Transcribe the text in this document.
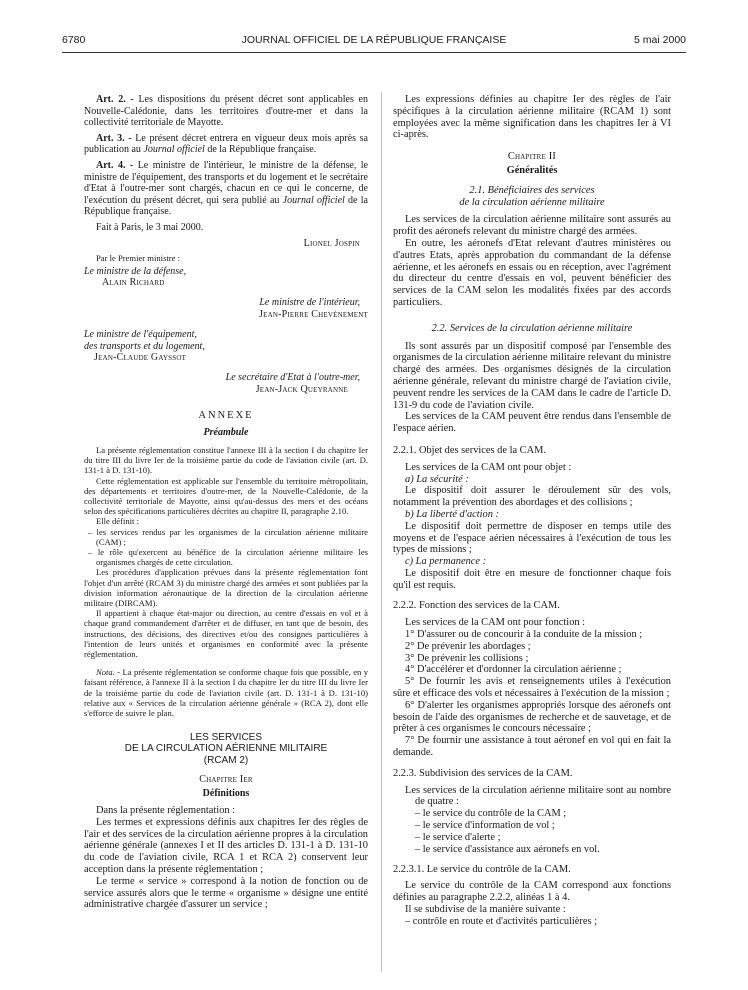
6780	JOURNAL OFFICIEL DE LA RÉPUBLIQUE FRANÇAISE	5 mai 2000

Art. 2. - Les dispositions du présent décret sont applicables en Nouvelle-Calédonie, dans les territoires d'outre-mer et dans la collectivité territoriale de Mayotte.

Art. 3. - Le présent décret entrera en vigueur deux mois après sa publication au Journal officiel de la République française.

Art. 4. - Le ministre de l'intérieur, le ministre de la défense, le ministre de l'équipement, des transports et du logement et le secrétaire d'Etat à l'outre-mer sont chargés, chacun en ce qui le concerne, de l'exécution du présent décret, qui sera publié au Journal officiel de la République française.

Fait à Paris, le 3 mai 2000.

Lionel Jospin

Par le Premier ministre :

Le ministre de la défense,

Alain Richard

Le ministre de l'intérieur,

Jean-Pierre Chevènement

Le ministre de l'équipement,

des transports et du logement,

Jean-Claude Gayssot

Le secrétaire d'Etat à l'outre-mer,

Jean-Jack Queyranne

ANNEXE

Préambule

La présente réglementation constitue l'annexe III à la section I du chapitre Ier du titre III du livre Ier de la troisième partie du code de l'aviation civile (art. D. 131-1 à D. 131-10).

Cette réglementation est applicable sur l'ensemble du territoire métropolitain, des départements et territoires d'outre-mer, de la Nouvelle-Calédonie, de la collectivité territoriale de Mayotte, ainsi qu'au-dessus des mers et des océans selon des spécifications particulières décrites au chapitre II, paragraphe 2.10.

Elle définit :

– les services rendus par les organismes de la circulation aérienne militaire (CAM) ;

– le rôle qu'exercent au bénéfice de la circulation aérienne militaire les organismes chargés de cette circulation.

Les procédures d'application prévues dans la présente réglementation font l'objet d'un arrêté (RCAM 3) du ministre chargé des armées et sont publiées par la division information aéronautique de la direction de la circulation aérienne militaire (DIRCAM).

Il appartient à chaque état-major ou direction, au centre d'essais en vol et à chaque grand commandement d'arrêter et de diffuser, en tant que de besoin, des instructions, des décisions, des directives et/ou des consignes particulières à l'intention de leurs unités et organismes en conformité avec la présente réglementation.

Nota. - La présente réglementation se conforme chaque fois que possible, en y faisant référence, à l'annexe II à la section I du chapitre Ier du titre III du livre Ier de la troisième partie du code de l'aviation civile (art. D. 131-1 à D. 131-10) relative aux « Services de la circulation aérienne générale » (RCA 2), dont elle s'efforce de suivre le plan.

LES SERVICES

DE LA CIRCULATION AÉRIENNE MILITAIRE

(RCAM 2)

Chapitre Ier

Définitions

Dans la présente réglementation :

Les termes et expressions définis aux chapitres Ier des règles de l'air et des services de la circulation aérienne propres à la circulation aérienne générale (annexes I et II des articles D. 131-1 à D. 131-10 du code de l'aviation civile, RCA 1 et RCA 2) conservent leur acception dans la présente réglementation ;

Le terme « service » correspond à la notion de fonction ou de service assurés alors que le terme « organisme » désigne une entité administrative chargée d'assurer un service ;

Les expressions définies au chapitre Ier des règles de l'air spécifiques à la circulation aérienne militaire (RCAM 1) sont employées avec la même signification dans les chapitres Ier à VI ci-après.

Chapitre II

Généralités

2.1. Bénéficiaires des services

de la circulation aérienne militaire

Les services de la circulation aérienne militaire sont assurés au profit des aéronefs relevant du ministre chargé des armées.

En outre, les aéronefs d'Etat relevant d'autres ministères ou d'autres Etats, après approbation du commandant de la défense aérienne, et les aéronefs en essais ou en réception, avec l'agrément du directeur du centre d'essais en vol, peuvent bénéficier des services de la CAM selon les modalités fixées par des accords particuliers.

2.2. Services de la circulation aérienne militaire

Ils sont assurés par un dispositif composé par l'ensemble des organismes de la circulation aérienne militaire relevant du ministre chargé des armées. Des organismes désignés de la circulation aérienne générale, relevant du ministre chargé de l'aviation civile, peuvent rendre les services de la CAM dans le cadre de l'article D. 131-9 du code de l'aviation civile.

Les services de la CAM peuvent être rendus dans l'ensemble de l'espace aérien.

2.2.1. Objet des services de la CAM.

Les services de la CAM ont pour objet :

a) La sécurité :

Le dispositif doit assurer le déroulement sûr des vols, notamment la prévention des abordages et des collisions ;

b) La liberté d'action :

Le dispositif doit permettre de disposer en temps utile des moyens et de l'espace aérien nécessaires à l'exécution de tous les types de missions ;

c) La permanence :

Le dispositif doit être en mesure de fonctionner chaque fois qu'il est requis.

2.2.2. Fonction des services de la CAM.

Les services de la CAM ont pour fonction :

1° D'assurer ou de concourir à la conduite de la mission ;

2° De prévenir les abordages ;

3° De prévenir les collisions ;

4° D'accélérer et d'ordonner la circulation aérienne ;

5° De fournir les avis et renseignements utiles à l'exécution sûre et efficace des vols et nécessaires à l'exécution de la mission ;

6° D'alerter les organismes appropriés lorsque des aéronefs ont besoin de l'aide des organismes de recherche et de sauvetage, et de prêter à ces organismes le concours nécessaire ;

7° De fournir une assistance à tout aéronef en vol qui en fait la demande.

2.2.3. Subdivision des services de la CAM.

Les services de la circulation aérienne militaire sont au nombre de quatre :

– le service du contrôle de la CAM ;

– le service d'information de vol ;

– le service d'alerte ;

– le service d'assistance aux aéronefs en vol.

2.2.3.1. Le service du contrôle de la CAM.

Le service du contrôle de la CAM correspond aux fonctions définies au paragraphe 2.2.2, alinéas 1 à 4.

Il se subdivise de la manière suivante :

– contrôle en route et d'activités particulières ;
